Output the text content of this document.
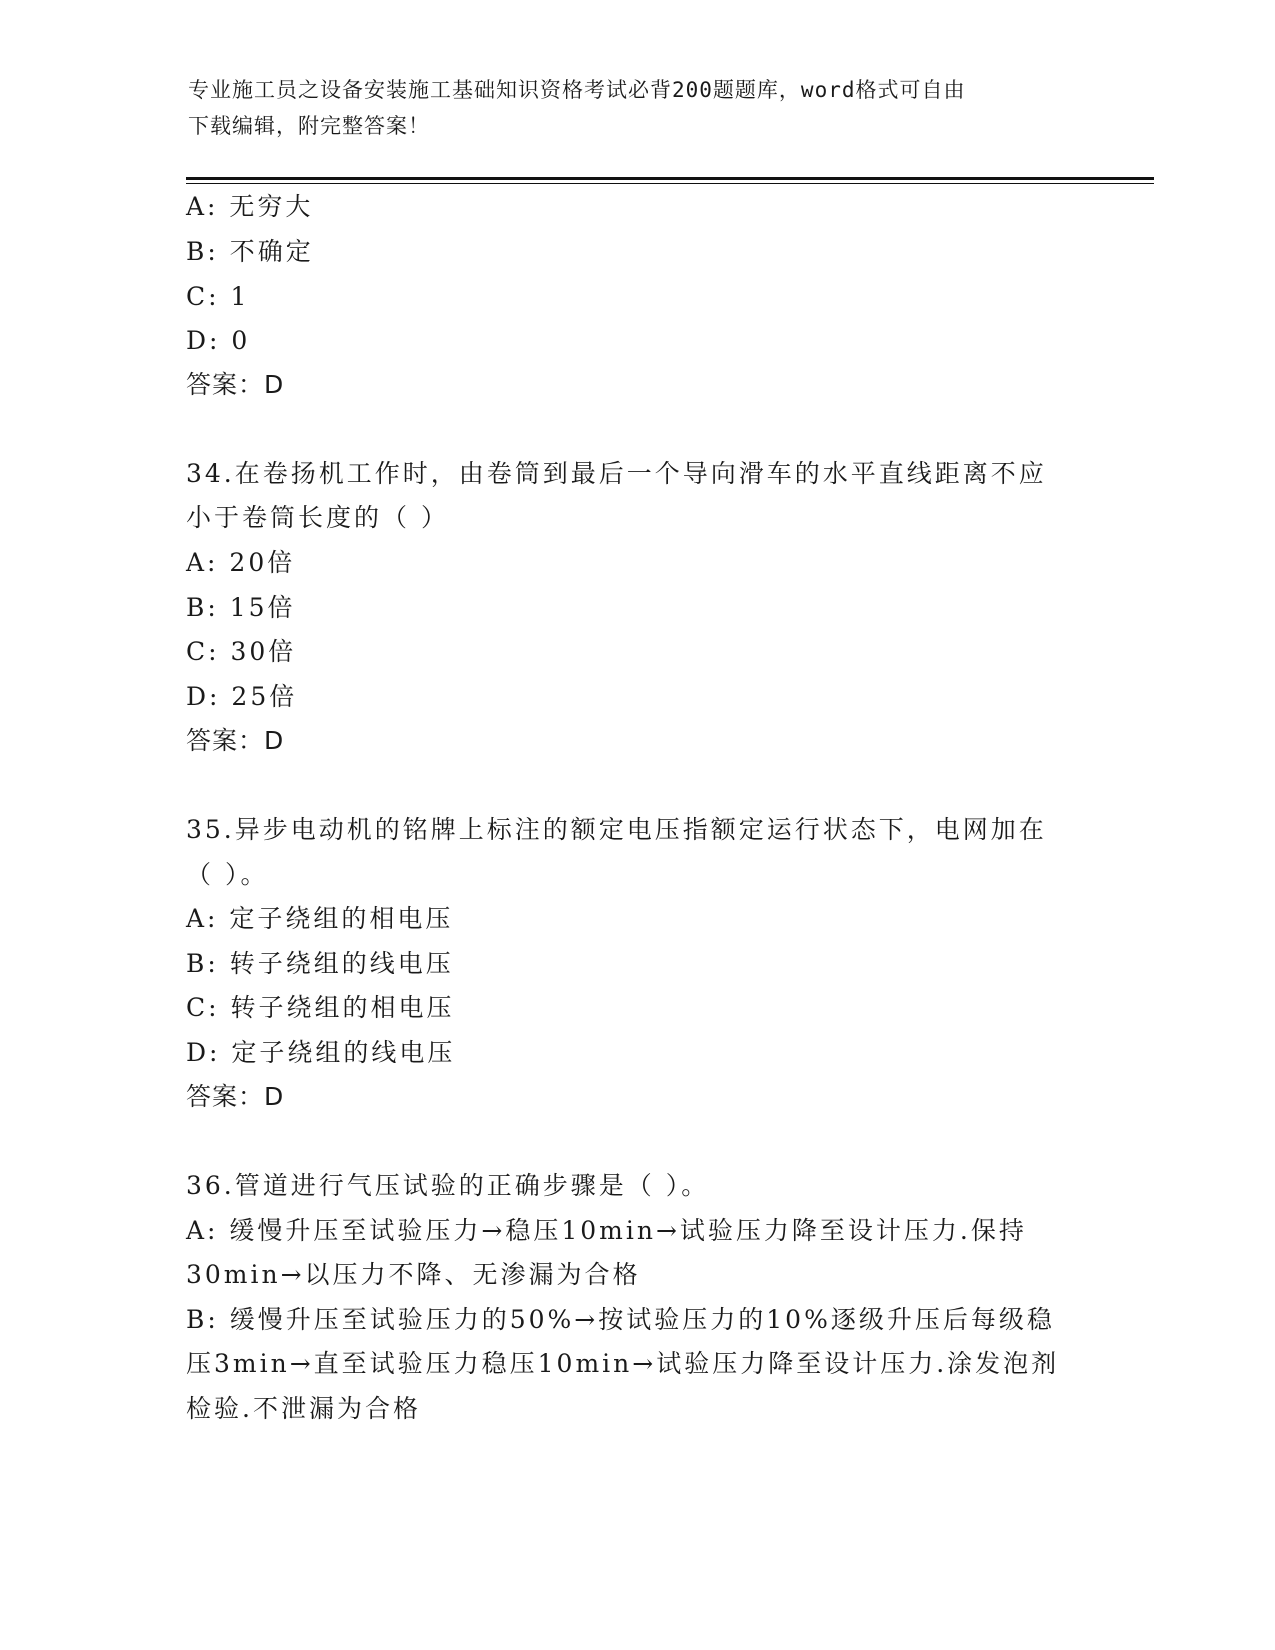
专业施工员之设备安装施工基础知识资格考试必背200题题库，word格式可自由
下载编辑，附完整答案！
A: 无穷大
B: 不确定
C: 1
D: 0
答案：D
34.在卷扬机工作时，由卷筒到最后一个导向滑车的水平直线距离不应
小于卷筒长度的（ ）
A: 20倍
B: 15倍
C: 30倍
D: 25倍
答案：D
35.异步电动机的铭牌上标注的额定电压指额定运行状态下，电网加在
（ ）。
A: 定子绕组的相电压
B: 转子绕组的线电压
C: 转子绕组的相电压
D: 定子绕组的线电压
答案：D
36.管道进行气压试验的正确步骤是（ ）。
A: 缓慢升压至试验压力→稳压10min→试验压力降至设计压力.保持
30min→以压力不降、无渗漏为合格
B: 缓慢升压至试验压力的50%→按试验压力的10%逐级升压后每级稳
压3min→直至试验压力稳压10min→试验压力降至设计压力.涂发泡剂
检验.不泄漏为合格
